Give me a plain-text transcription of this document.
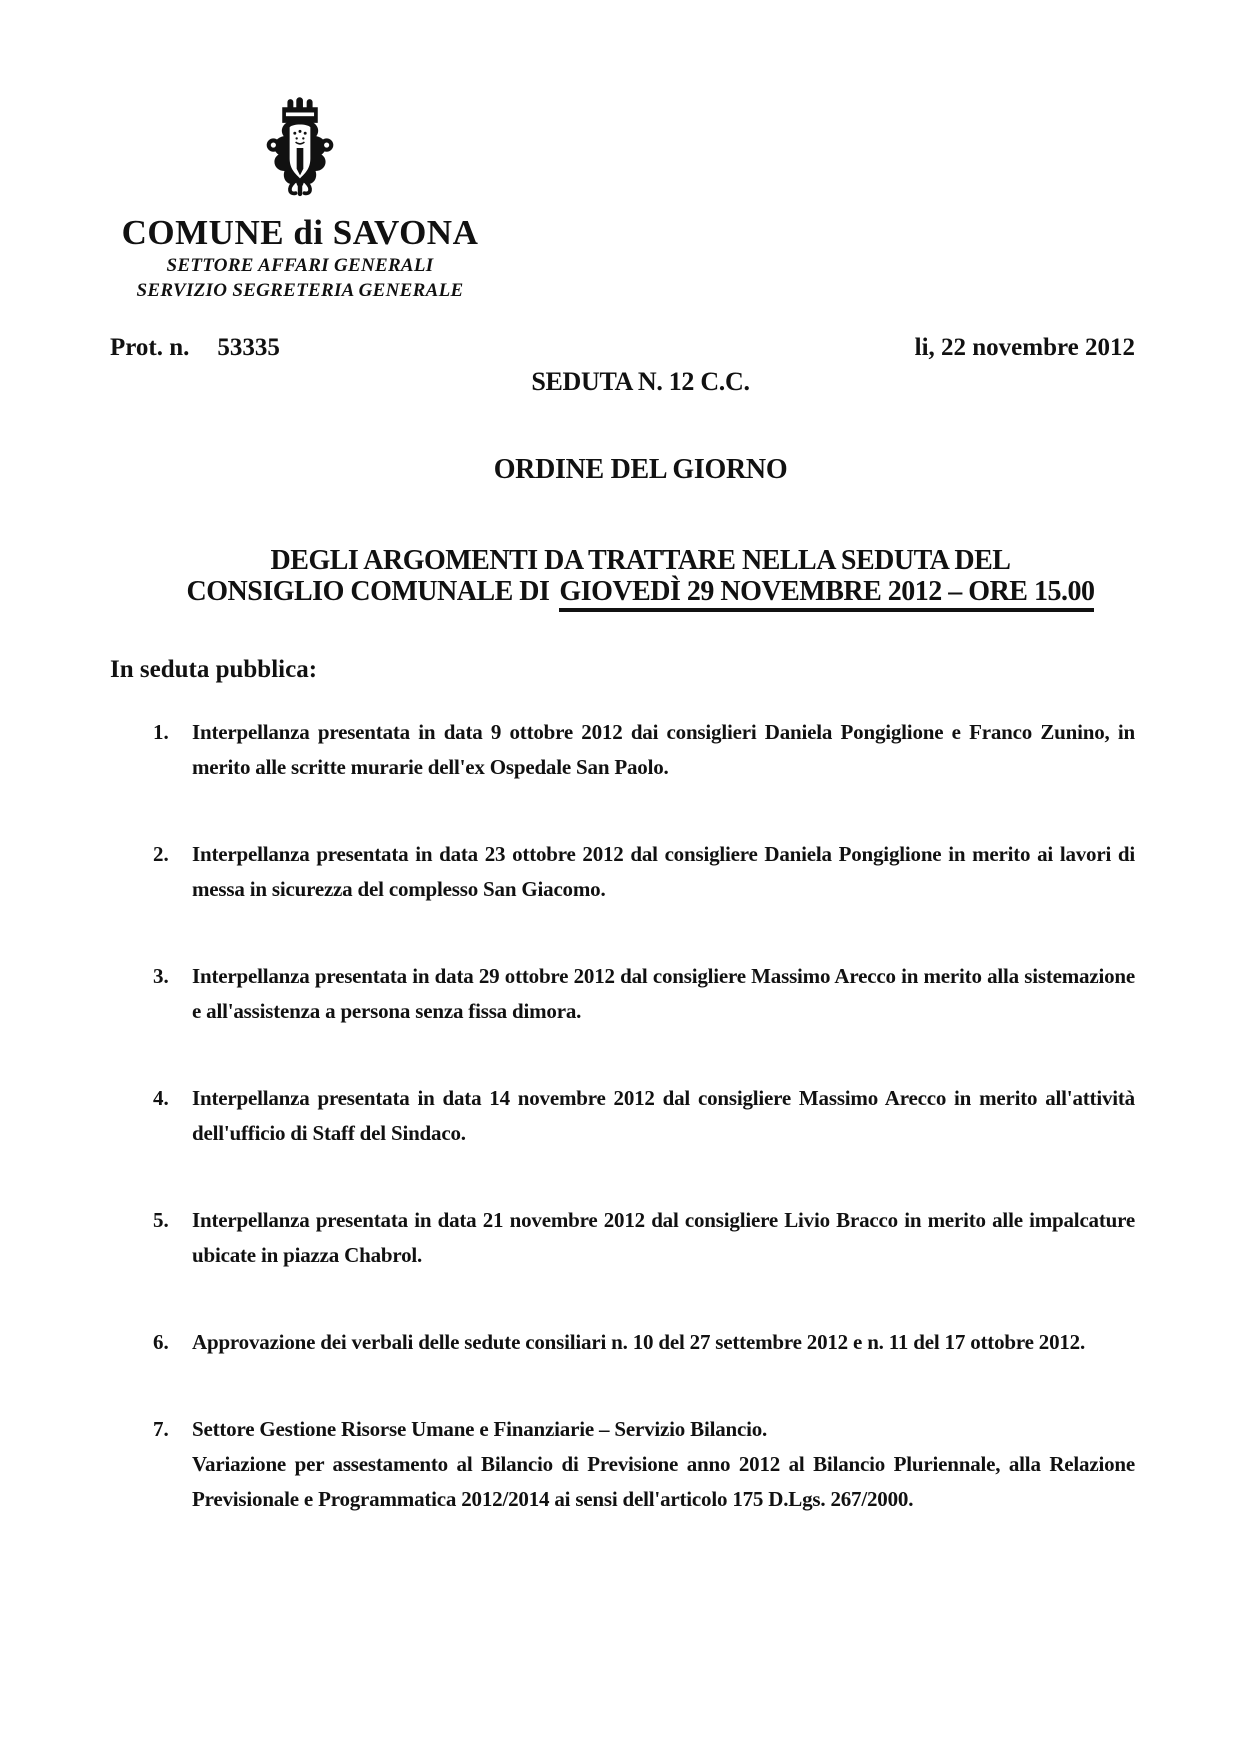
COMUNE di SAVONA
SETTORE AFFARI GENERALI
SERVIZIO SEGRETERIA GENERALE
Prot. n. 53335	li, 22 novembre 2012
SEDUTA N. 12 C.C.
ORDINE DEL GIORNO
DEGLI ARGOMENTI DA TRATTARE NELLA SEDUTA DEL
CONSIGLIO COMUNALE DI GIOVEDÌ 29 NOVEMBRE 2012 – ORE 15.00
In seduta pubblica:
1.	Interpellanza presentata in data 9 ottobre 2012 dai consiglieri Daniela Pongiglione e Franco Zunino, in merito alle scritte murarie dell'ex Ospedale San Paolo.
2.	Interpellanza presentata in data 23 ottobre 2012 dal consigliere Daniela Pongiglione in merito ai lavori di messa in sicurezza del complesso San Giacomo.
3.	Interpellanza presentata in data 29 ottobre 2012 dal consigliere Massimo Arecco in merito alla sistemazione e all'assistenza a persona senza fissa dimora.
4.	Interpellanza presentata in data 14 novembre 2012 dal consigliere Massimo Arecco in merito all'attività dell'ufficio di Staff del Sindaco.
5.	Interpellanza presentata in data 21 novembre 2012 dal consigliere Livio Bracco in merito alle impalcature ubicate in piazza Chabrol.
6.	Approvazione dei verbali delle sedute consiliari n. 10 del 27 settembre 2012 e n. 11 del 17 ottobre 2012.
7.	Settore Gestione Risorse Umane e Finanziarie – Servizio Bilancio.
Variazione per assestamento al Bilancio di Previsione anno 2012 al Bilancio Pluriennale, alla Relazione Previsionale e Programmatica 2012/2014 ai sensi dell'articolo 175 D.Lgs. 267/2000.
